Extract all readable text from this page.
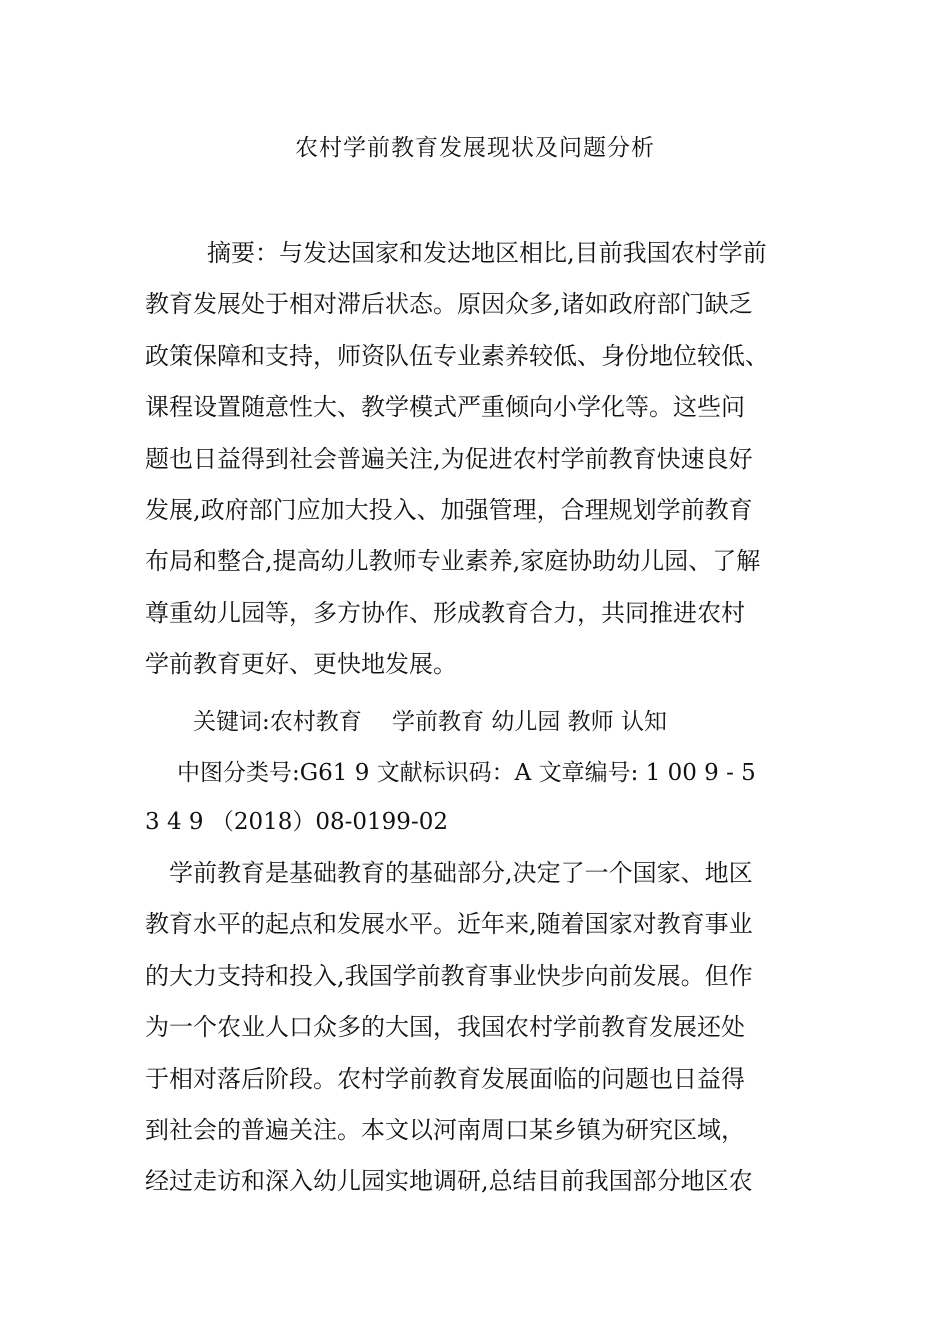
农村学前教育发展现状及问题分析
摘要：与发达国家和发达地区相比,目前我国农村学前
教育发展处于相对滞后状态。原因众多,诸如政府部门缺乏
政策保障和支持，师资队伍专业素养较低、身份地位较低、
课程设置随意性大、教学模式严重倾向小学化等。这些问
题也日益得到社会普遍关注,为促进农村学前教育快速良好
发展,政府部门应加大投入、加强管理，合理规划学前教育
布局和整合,提高幼儿教师专业素养,家庭协助幼儿园、了解
尊重幼儿园等，多方协作、形成教育合力，共同推进农村
学前教育更好、更快地发展。
关键词:农村教育　 学前教育 幼儿园 教师 认知
中图分类号:G61 9 文献标识码：A 文章编号: 1 00 9 - 5
3 4 9 （2018）08-0199-02
　学前教育是基础教育的基础部分,决定了一个国家、地区
教育水平的起点和发展水平。近年来,随着国家对教育事业
的大力支持和投入,我国学前教育事业快步向前发展。但作
为一个农业人口众多的大国，我国农村学前教育发展还处
于相对落后阶段。农村学前教育发展面临的问题也日益得
到社会的普遍关注。本文以河南周口某乡镇为研究区域，
经过走访和深入幼儿园实地调研,总结目前我国部分地区农
